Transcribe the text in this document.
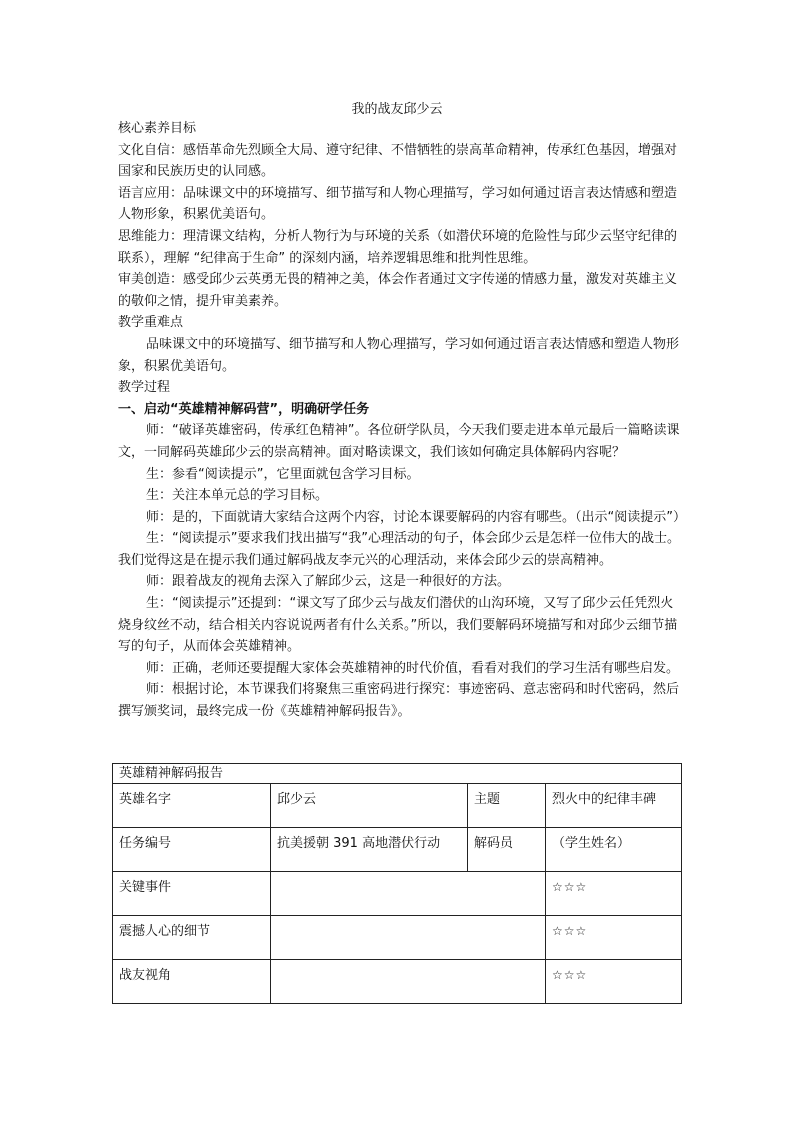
我的战友邱少云

核心素养目标

文化自信：感悟革命先烈顾全大局、遵守纪律、不惜牺牲的崇高革命精神，传承红色基因，增强对国家和民族历史的认同感。

语言应用：品味课文中的环境描写、细节描写和人物心理描写，学习如何通过语言表达情感和塑造人物形象，积累优美语句。

思维能力：理清课文结构，分析人物行为与环境的关系（如潜伏环境的危险性与邱少云坚守纪律的联系），理解 “纪律高于生命” 的深刻内涵，培养逻辑思维和批判性思维。

审美创造：感受邱少云英勇无畏的精神之美，体会作者通过文字传递的情感力量，激发对英雄主义的敬仰之情，提升审美素养。

教学重难点

品味课文中的环境描写、细节描写和人物心理描写，学习如何通过语言表达情感和塑造人物形象，积累优美语句。

教学过程

一、启动“英雄精神解码营”，明确研学任务

师：“破译英雄密码，传承红色精神”。各位研学队员，今天我们要走进本单元最后一篇略读课文，一同解码英雄邱少云的崇高精神。面对略读课文，我们该如何确定具体解码内容呢？

生：参看“阅读提示”，它里面就包含学习目标。

生：关注本单元总的学习目标。

师：是的，下面就请大家结合这两个内容，讨论本课要解码的内容有哪些。（出示“阅读提示”）

生：“阅读提示”要求我们找出描写“我”心理活动的句子，体会邱少云是怎样一位伟大的战士。我们觉得这是在提示我们通过解码战友李元兴的心理活动，来体会邱少云的崇高精神。

师：跟着战友的视角去深入了解邱少云，这是一种很好的方法。

生：“阅读提示”还提到：“课文写了邱少云与战友们潜伏的山沟环境，又写了邱少云任凭烈火烧身纹丝不动，结合相关内容说说两者有什么关系。”所以，我们要解码环境描写和对邱少云细节描写的句子，从而体会英雄精神。

师：正确，老师还要提醒大家体会英雄精神的时代价值，看看对我们的学习生活有哪些启发。

师：根据讨论，本节课我们将聚焦三重密码进行探究：事迹密码、意志密码和时代密码，然后撰写颁奖词，最终完成一份《英雄精神解码报告》。

英雄精神解码报告			
英雄名字	邱少云	主题	烈火中的纪律丰碑
任务编号	抗美援朝 391 高地潜伏行动	解码员	（学生姓名）
关键事件			☆☆☆
震撼人心的细节			☆☆☆
战友视角			☆☆☆
